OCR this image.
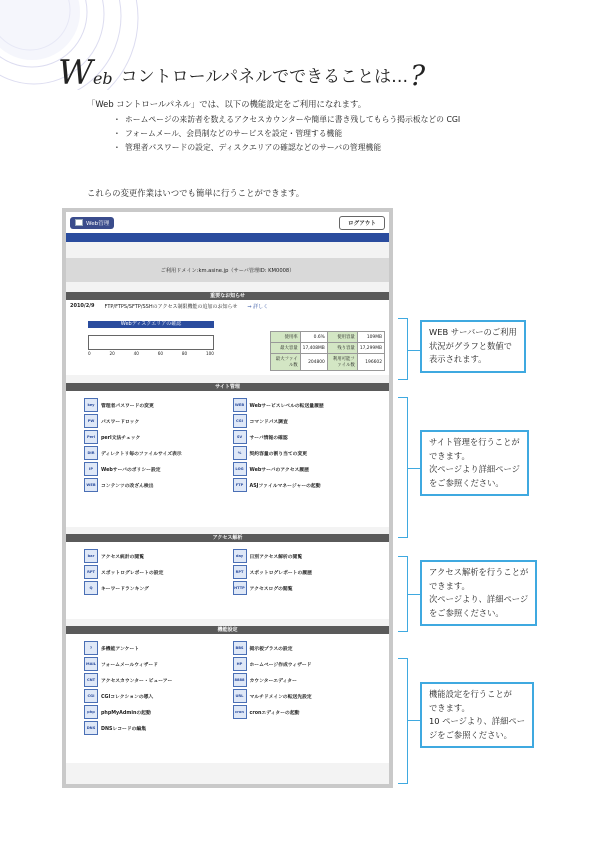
W eb コントロールパネルでできることは… ?

「Web コントロールパネル」では、以下の機能設定をご利用になれます。

・ ホームページの来訪者を数えるアクセスカウンターや簡単に書き残してもらう掲示板などの CGI
・ フォームメール、会員制などのサービスを設定・管理する機能
・ 管理者パスワードの設定、ディスクエリアの確認などのサーバの管理機能

これらの変更作業はいつでも簡単に行うことができます。

Web管理	ログアウト
ご利用ドメイン:km.asine.jp（サーバ管理ID: KM0008）
重要なお知らせ
2010/2/9 FTP/FTPS/SFTP/SSHのアクセス制限機能の追加のお知らせ ⇒ 詳しく
Webディスクエリアの確認
0	20	40	60	80	100
使用率	0.6%	使用容量	109MB
最大容量	17,408MB	残り容量	17,299MB
最大ファイル数	204800	利用可能ファイル数	196602
サイト管理
key	管理者パスワードの変更	WEB	Webサービスレベルの転送量履歴
PW	パスワードロック	CGI	コマンドパス調査
Perl	perl文法チェック	SV	サーバ情報の確認
DIR	ディレクトリ毎のファイルサイズ表示	%	契約容量の割り当ての変更
IP	Webサーバのポリシー設定	LOG	Webサーバのアクセス履歴
WEB	コンテンツの改ざん検出	FTP	ASJファイルマネージャーの起動
アクセス解析
bar	アクセス統計の閲覧	day	日別アクセス解析の閲覧
RPT	スポットログレポートの設定	RPT	スポットログレポートの履歴
Q	キーワードランキング	HTTP アクセスログの閲覧
機能設定
?	多機能アンケート	BBS	掲示板プラスの設定
MAIL	フォームメールウィザード	HP	ホームページ作成ウィザード
CNT	アクセスカウンター・ビューアー	8888	カウンターエディター
CGI	CGIコレクションの導入	URL	マルチドメインの転送先設定
php	phpMyAdminの起動	cron	cronエディターの起動
DNS	DNSレコードの編集
WEB サーバーのご利用
状況がグラフと数値で
表示されます。
サイト管理を行うことが
できます。
次ページより詳細ページ
をご参照ください。
アクセス解析を行うことが
できます。
次ページより、詳細ページ
をご参照ください。
機能設定を行うことが
できます。
10 ページより、詳細ペー
ジをご参照ください。
